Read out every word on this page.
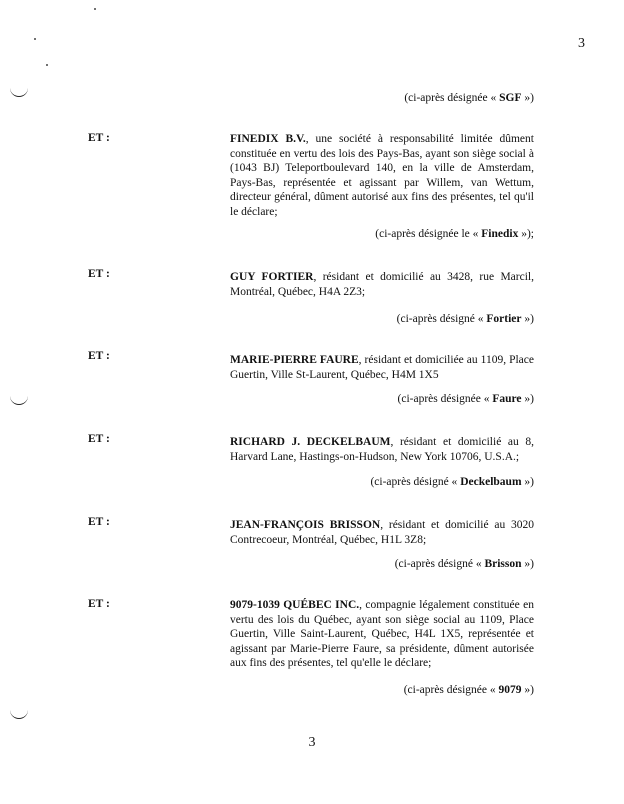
3
(ci-après désignée « SGF »)
ET :	FINEDIX B.V., une société à responsabilité limitée dûment constituée en vertu des lois des Pays-Bas, ayant son siège social à (1043 BJ) Teleportboulevard 140, en la ville de Amsterdam, Pays-Bas, représentée et agissant par Willem, van Wettum, directeur général, dûment autorisé aux fins des présentes, tel qu'il le déclare;
(ci-après désignée le « Finedix »);
ET :	GUY FORTIER, résidant et domicilié au 3428, rue Marcil, Montréal, Québec, H4A 2Z3;
(ci-après désigné « Fortier »)
ET :	MARIE-PIERRE FAURE, résidant et domiciliée au 1109, Place Guertin, Ville St-Laurent, Québec, H4M 1X5
(ci-après désignée « Faure »)
ET :	RICHARD J. DECKELBAUM, résidant et domicilié au 8, Harvard Lane, Hastings-on-Hudson, New York 10706, U.S.A.;
(ci-après désigné « Deckelbaum »)
ET :	JEAN-FRANÇOIS BRISSON, résidant et domicilié au 3020 Contrecoeur, Montréal, Québec, H1L 3Z8;
(ci-après désigné « Brisson »)
ET :	9079-1039 QUÉBEC INC., compagnie légalement constituée en vertu des lois du Québec, ayant son siège social au 1109, Place Guertin, Ville Saint-Laurent, Québec, H4L 1X5, représentée et agissant par Marie-Pierre Faure, sa présidente, dûment autorisée aux fins des présentes, tel qu'elle le déclare;
(ci-après désignée « 9079 »)
3
